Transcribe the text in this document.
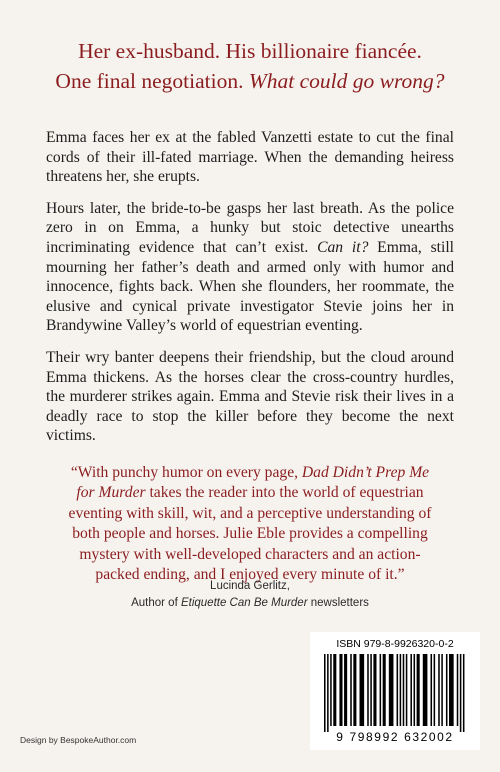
Her ex-husband. His billionaire fiancée.
One final negotiation. What could go wrong?

Emma faces her ex at the fabled Vanzetti estate to cut the final cords of their ill-fated marriage. When the demanding heiress threatens her, she erupts.

Hours later, the bride-to-be gasps her last breath. As the police zero in on Emma, a hunky but stoic detective unearths incriminating evidence that can’t exist. Can it? Emma, still mourning her father’s death and armed only with humor and innocence, fights back. When she flounders, her roommate, the elusive and cynical private investigator Stevie joins her in Brandywine Valley’s world of equestrian eventing.

Their wry banter deepens their friendship, but the cloud around Emma thickens. As the horses clear the cross-country hurdles, the murderer strikes again. Emma and Stevie risk their lives in a deadly race to stop the killer before they become the next victims.

“With punchy humor on every page, Dad Didn’t Prep Me for Murder takes the reader into the world of equestrian eventing with skill, wit, and a perceptive understanding of both people and horses. Julie Eble provides a compelling mystery with well-developed characters and an action-packed ending, and I enjoyed every minute of it.”
Lucinda Gerlitz,
Author of Etiquette Can Be Murder newsletters
ISBN 979-8-9926320-0-2
9 798992 632002
Design by BespokeAuthor.com
